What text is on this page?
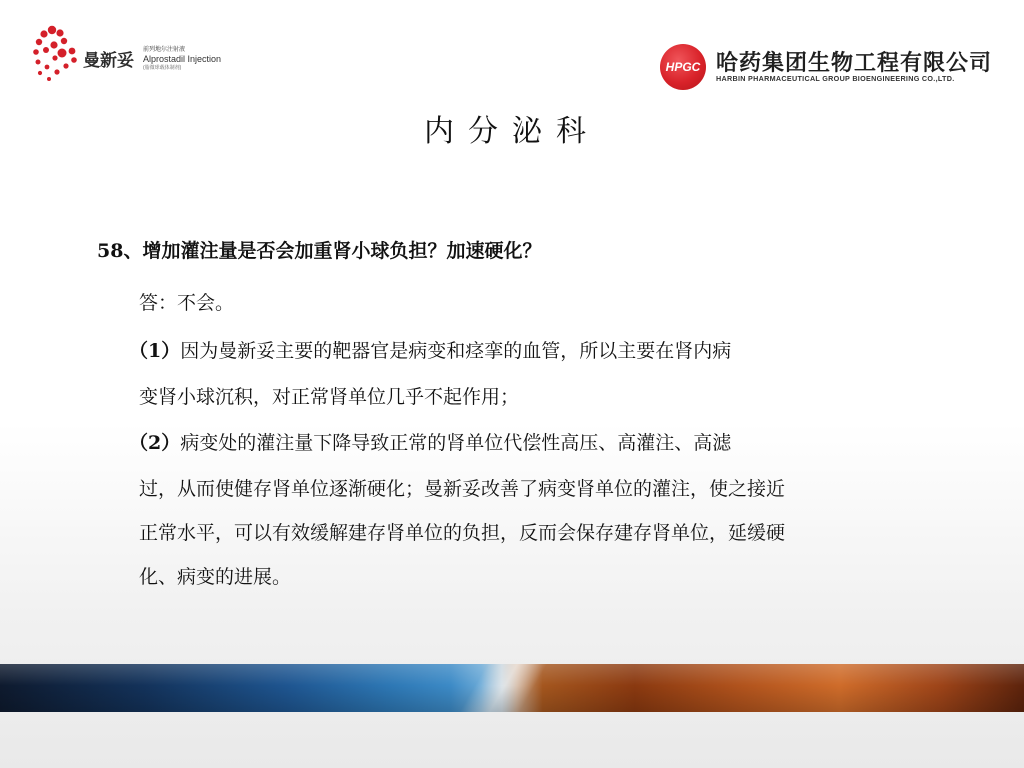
曼新妥
前列地尔注射液
Alprostadil Injection
(脂微球载体制剂)	HPGC 哈药集团生物工程有限公司
HARBIN PHARMACEUTICAL GROUP BIOENGINEERING CO.,LTD.
内分泌科
58、增加灌注量是否会加重肾小球负担？加速硬化？
答：不会。
（1）因为曼新妥主要的靶器官是病变和痉挛的血管，所以主要在肾内病
变肾小球沉积，对正常肾单位几乎不起作用；
（2）病变处的灌注量下降导致正常的肾单位代偿性高压、高灌注、高滤
过，从而使健存肾单位逐渐硬化；曼新妥改善了病变肾单位的灌注，使之接近
正常水平，可以有效缓解建存肾单位的负担，反而会保存建存肾单位，延缓硬
化、病变的进展。
